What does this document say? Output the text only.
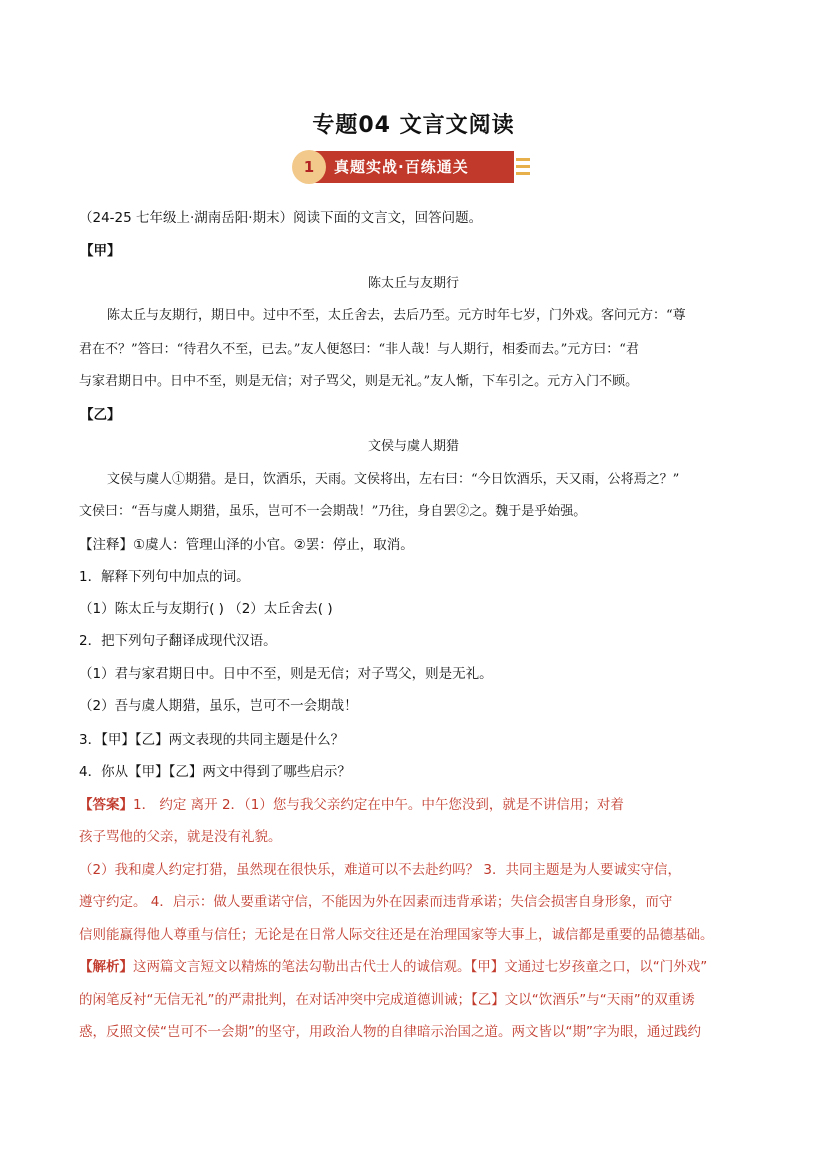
专题04 文言文阅读
1	真题实战·百练通关
（24-25 七年级上·湖南岳阳·期末）阅读下面的文言文，回答问题。
【甲】
陈太丘与友期行
陈太丘与友期行，期日中。过中不至，太丘舍去，去后乃至。元方时年七岁，门外戏。客问元方：“尊
君在不？”答曰：“待君久不至，已去。”友人便怒曰：“非人哉！与人期行，相委而去。”元方曰：“君
与家君期日中。日中不至，则是无信；对子骂父，则是无礼。”友人惭，下车引之。元方入门不顾。
【乙】
文侯与虞人期猎
文侯与虞人①期猎。是日，饮酒乐，天雨。文侯将出，左右曰：“今日饮酒乐，天又雨，公将焉之？”
文侯曰：“吾与虞人期猎，虽乐，岂可不一会期哉！”乃往，身自罢②之。魏于是乎始强。
【注释】①虞人：管理山泽的小官。②罢：停止，取消。
1．解释下列句中加点的词。
（1）陈太丘与友期行( ) （2）太丘舍去( )
2．把下列句子翻译成现代汉语。
（1）君与家君期日中。日中不至，则是无信；对子骂父，则是无礼。
（2）吾与虞人期猎，虽乐，岂可不一会期哉！
3．【甲】【乙】两文表现的共同主题是什么？
4．你从【甲】【乙】两文中得到了哪些启示？
【答案】1． 约定 离开 2．（1）您与我父亲约定在中午。中午您没到，就是不讲信用；对着
孩子骂他的父亲，就是没有礼貌。
（2）我和虞人约定打猎，虽然现在很快乐，难道可以不去赴约吗？ 3．共同主题是为人要诚实守信，
遵守约定。 4．启示：做人要重诺守信，不能因为外在因素而违背承诺；失信会损害自身形象，而守
信则能赢得他人尊重与信任；无论是在日常人际交往还是在治理国家等大事上，诚信都是重要的品德基础。
【解析】这两篇文言短文以精炼的笔法勾勒出古代士人的诚信观。【甲】文通过七岁孩童之口，以“门外戏”
的闲笔反衬“无信无礼”的严肃批判，在对话冲突中完成道德训诫；【乙】文以“饮酒乐”与“天雨”的双重诱
惑，反照文侯“岂可不一会期”的坚守，用政治人物的自律暗示治国之道。两文皆以“期”字为眼，通过践约
